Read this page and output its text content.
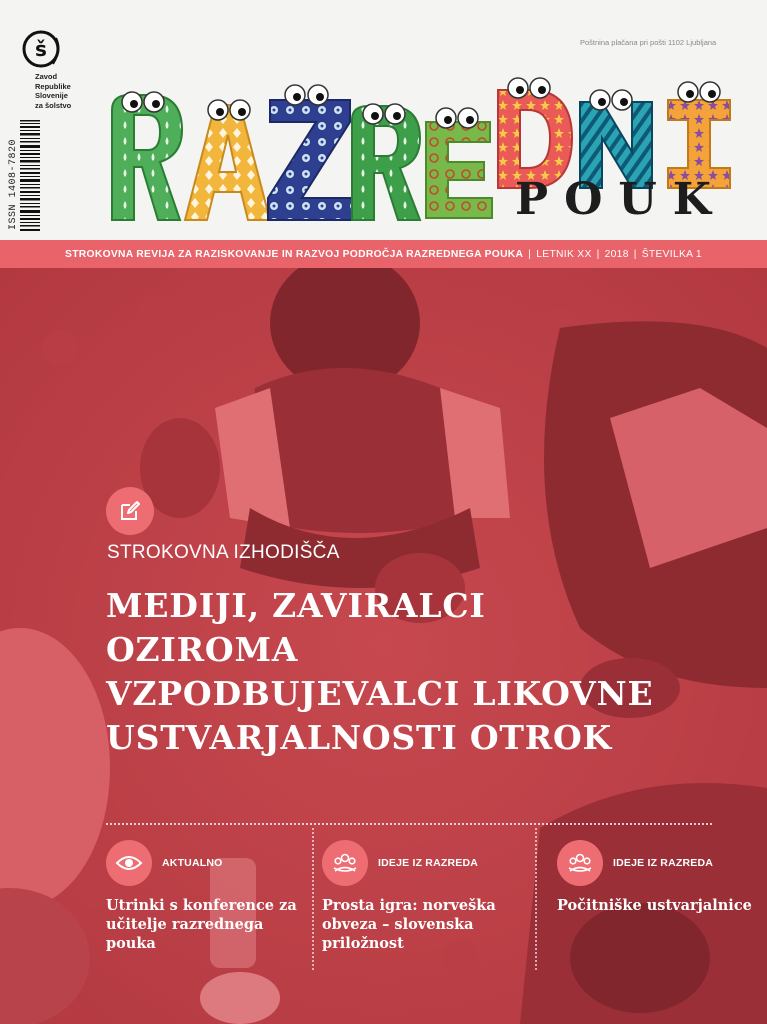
š
Zavod
Republike
Slovenije
za šolstvo
Poštnina plačana pri pošti 1102 Ljubljana
ISSN 1408-7820	POUK
STROKOVNA REVIJA ZA RAZISKOVANJE IN RAZVOJ PODROČJA RAZREDNEGA POUKA | LETNIK XX | 2018 | ŠTEVILKA 1
STROKOVNA IZHODIŠČA
MEDIJI, ZAVIRALCI
OZIROMA
VZPODBUJEVALCI LIKOVNE
USTVARJALNOSTI OTROK
AKTUALNO
Utrinki s konference za učitelje razrednega pouka
IDEJE IZ RAZREDA
Prosta igra: norveška obveza – slovenska priložnost
IDEJE IZ RAZREDA
Počitniške ustvarjalnice
